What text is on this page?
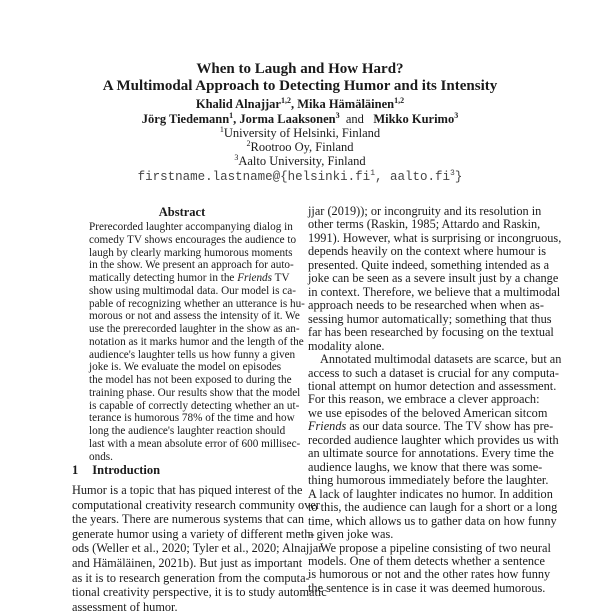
When to Laugh and How Hard?
A Multimodal Approach to Detecting Humor and its Intensity
Khalid Alnajjar$^{1,2}$, Mika Hämäläinen$^{1,2}$
Jörg Tiedemann$^1$, Jorma Laaksonen$^3$  and   Mikko Kurimo$^3$
$^1$University of Helsinki, Finland
$^2$Rootroo Oy, Finland
$^3$Aalto University, Finland
$firstname.lastname@\{helsinki.fi^1$, $aalto.fi^3$}
Abstract
Prerecorded laughter accompanying dialog in
comedy TV shows encourages the audience to
laugh by clearly marking humorous moments
in the show. We present an approach for auto-
matically detecting humor in the Friends TV
show using multimodal data. Our model is ca-
pable of recognizing whether an utterance is hu-
morous or not and assess the intensity of it. We
use the prerecorded laughter in the show as an-
notation as it marks humor and the length of the
audience's laughter tells us how funny a given
joke is. We evaluate the model on episodes
the model has not been exposed to during the
training phase. Our results show that the model
is capable of correctly detecting whether an ut-
terance is humorous 78% of the time and how
long the audience's laughter reaction should
last with a mean absolute error of 600 millisec-
onds.
1 Introduction
Humor is a topic that has piqued interest of the
computational creativity research community over
the years. There are numerous systems that can
generate humor using a variety of different meth-
ods (Weller et al., 2020; Tyler et al., 2020; Alnajjar
and Hämäläinen, 2021b). But just as important
as it is to research generation from the computa-
tional creativity perspective, it is to study automatic
assessment of humor.
jjar (2019)); or incongruity and its resolution in
other terms (Raskin, 1985; Attardo and Raskin,
1991). However, what is surprising or incongruous,
depends heavily on the context where humour is
presented. Quite indeed, something intended as a
joke can be seen as a severe insult just by a change
in context. Therefore, we believe that a multimodal
approach needs to be researched when when as-
sessing humor automatically; something that thus
far has been researched by focusing on the textual
modality alone.
Annotated multimodal datasets are scarce, but an
access to such a dataset is crucial for any computa-
tional attempt on humor detection and assessment.
For this reason, we embrace a clever approach:
we use episodes of the beloved American sitcom
Friends as our data source. The TV show has pre-
recorded audience laughter which provides us with
an ultimate source for annotations. Every time the
audience laughs, we know that there was some-
thing humorous immediately before the laughter.
A lack of laughter indicates no humor. In addition
to this, the audience can laugh for a short or a long
time, which allows us to gather data on how funny
a given joke was.
We propose a pipeline consisting of two neural
models. One of them detects whether a sentence
is humorous or not and the other rates how funny
the sentence is in case it was deemed humorous.
